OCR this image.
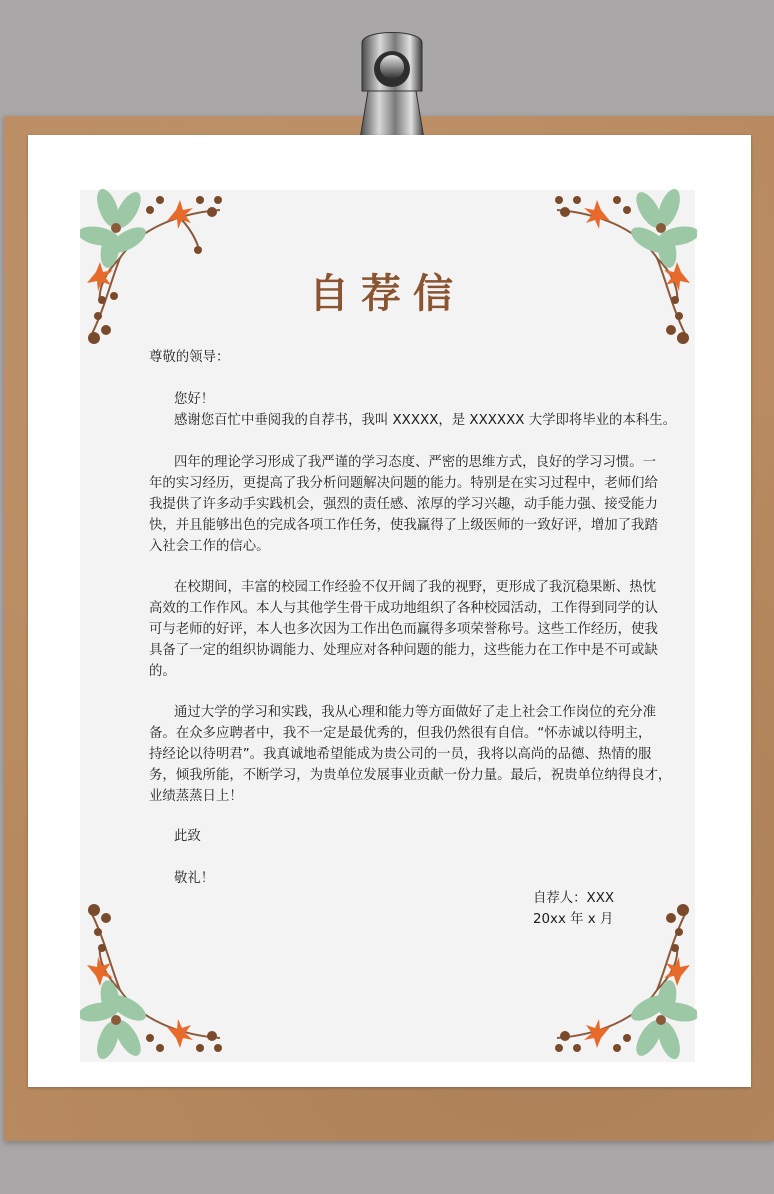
自荐信
尊敬的领导：
您好！
感谢您百忙中垂阅我的自荐书，我叫 XXXXX，是 XXXXXX 大学即将毕业的本科生。
四年的理论学习形成了我严谨的学习态度、严密的思维方式，良好的学习习惯。一
年的实习经历，更提高了我分析问题解决问题的能力。特别是在实习过程中，老师们给
我提供了许多动手实践机会，强烈的责任感、浓厚的学习兴趣，动手能力强、接受能力
快，并且能够出色的完成各项工作任务，使我赢得了上级医师的一致好评，增加了我踏
入社会工作的信心。
在校期间，丰富的校园工作经验不仅开阔了我的视野，更形成了我沉稳果断、热忱
高效的工作作风。本人与其他学生骨干成功地组织了各种校园活动，工作得到同学的认
可与老师的好评，本人也多次因为工作出色而赢得多项荣誉称号。这些工作经历，使我
具备了一定的组织协调能力、处理应对各种问题的能力，这些能力在工作中是不可或缺
的。
通过大学的学习和实践，我从心理和能力等方面做好了走上社会工作岗位的充分准
备。在众多应聘者中，我不一定是最优秀的，但我仍然很有自信。“怀赤诚以待明主，
持经论以待明君”。我真诚地希望能成为贵公司的一员，我将以高尚的品德、热情的服
务，倾我所能，不断学习，为贵单位发展事业贡献一份力量。最后，祝贵单位纳得良才，
业绩蒸蒸日上！
此致
敬礼！
自荐人：XXX
20xx 年 x 月
